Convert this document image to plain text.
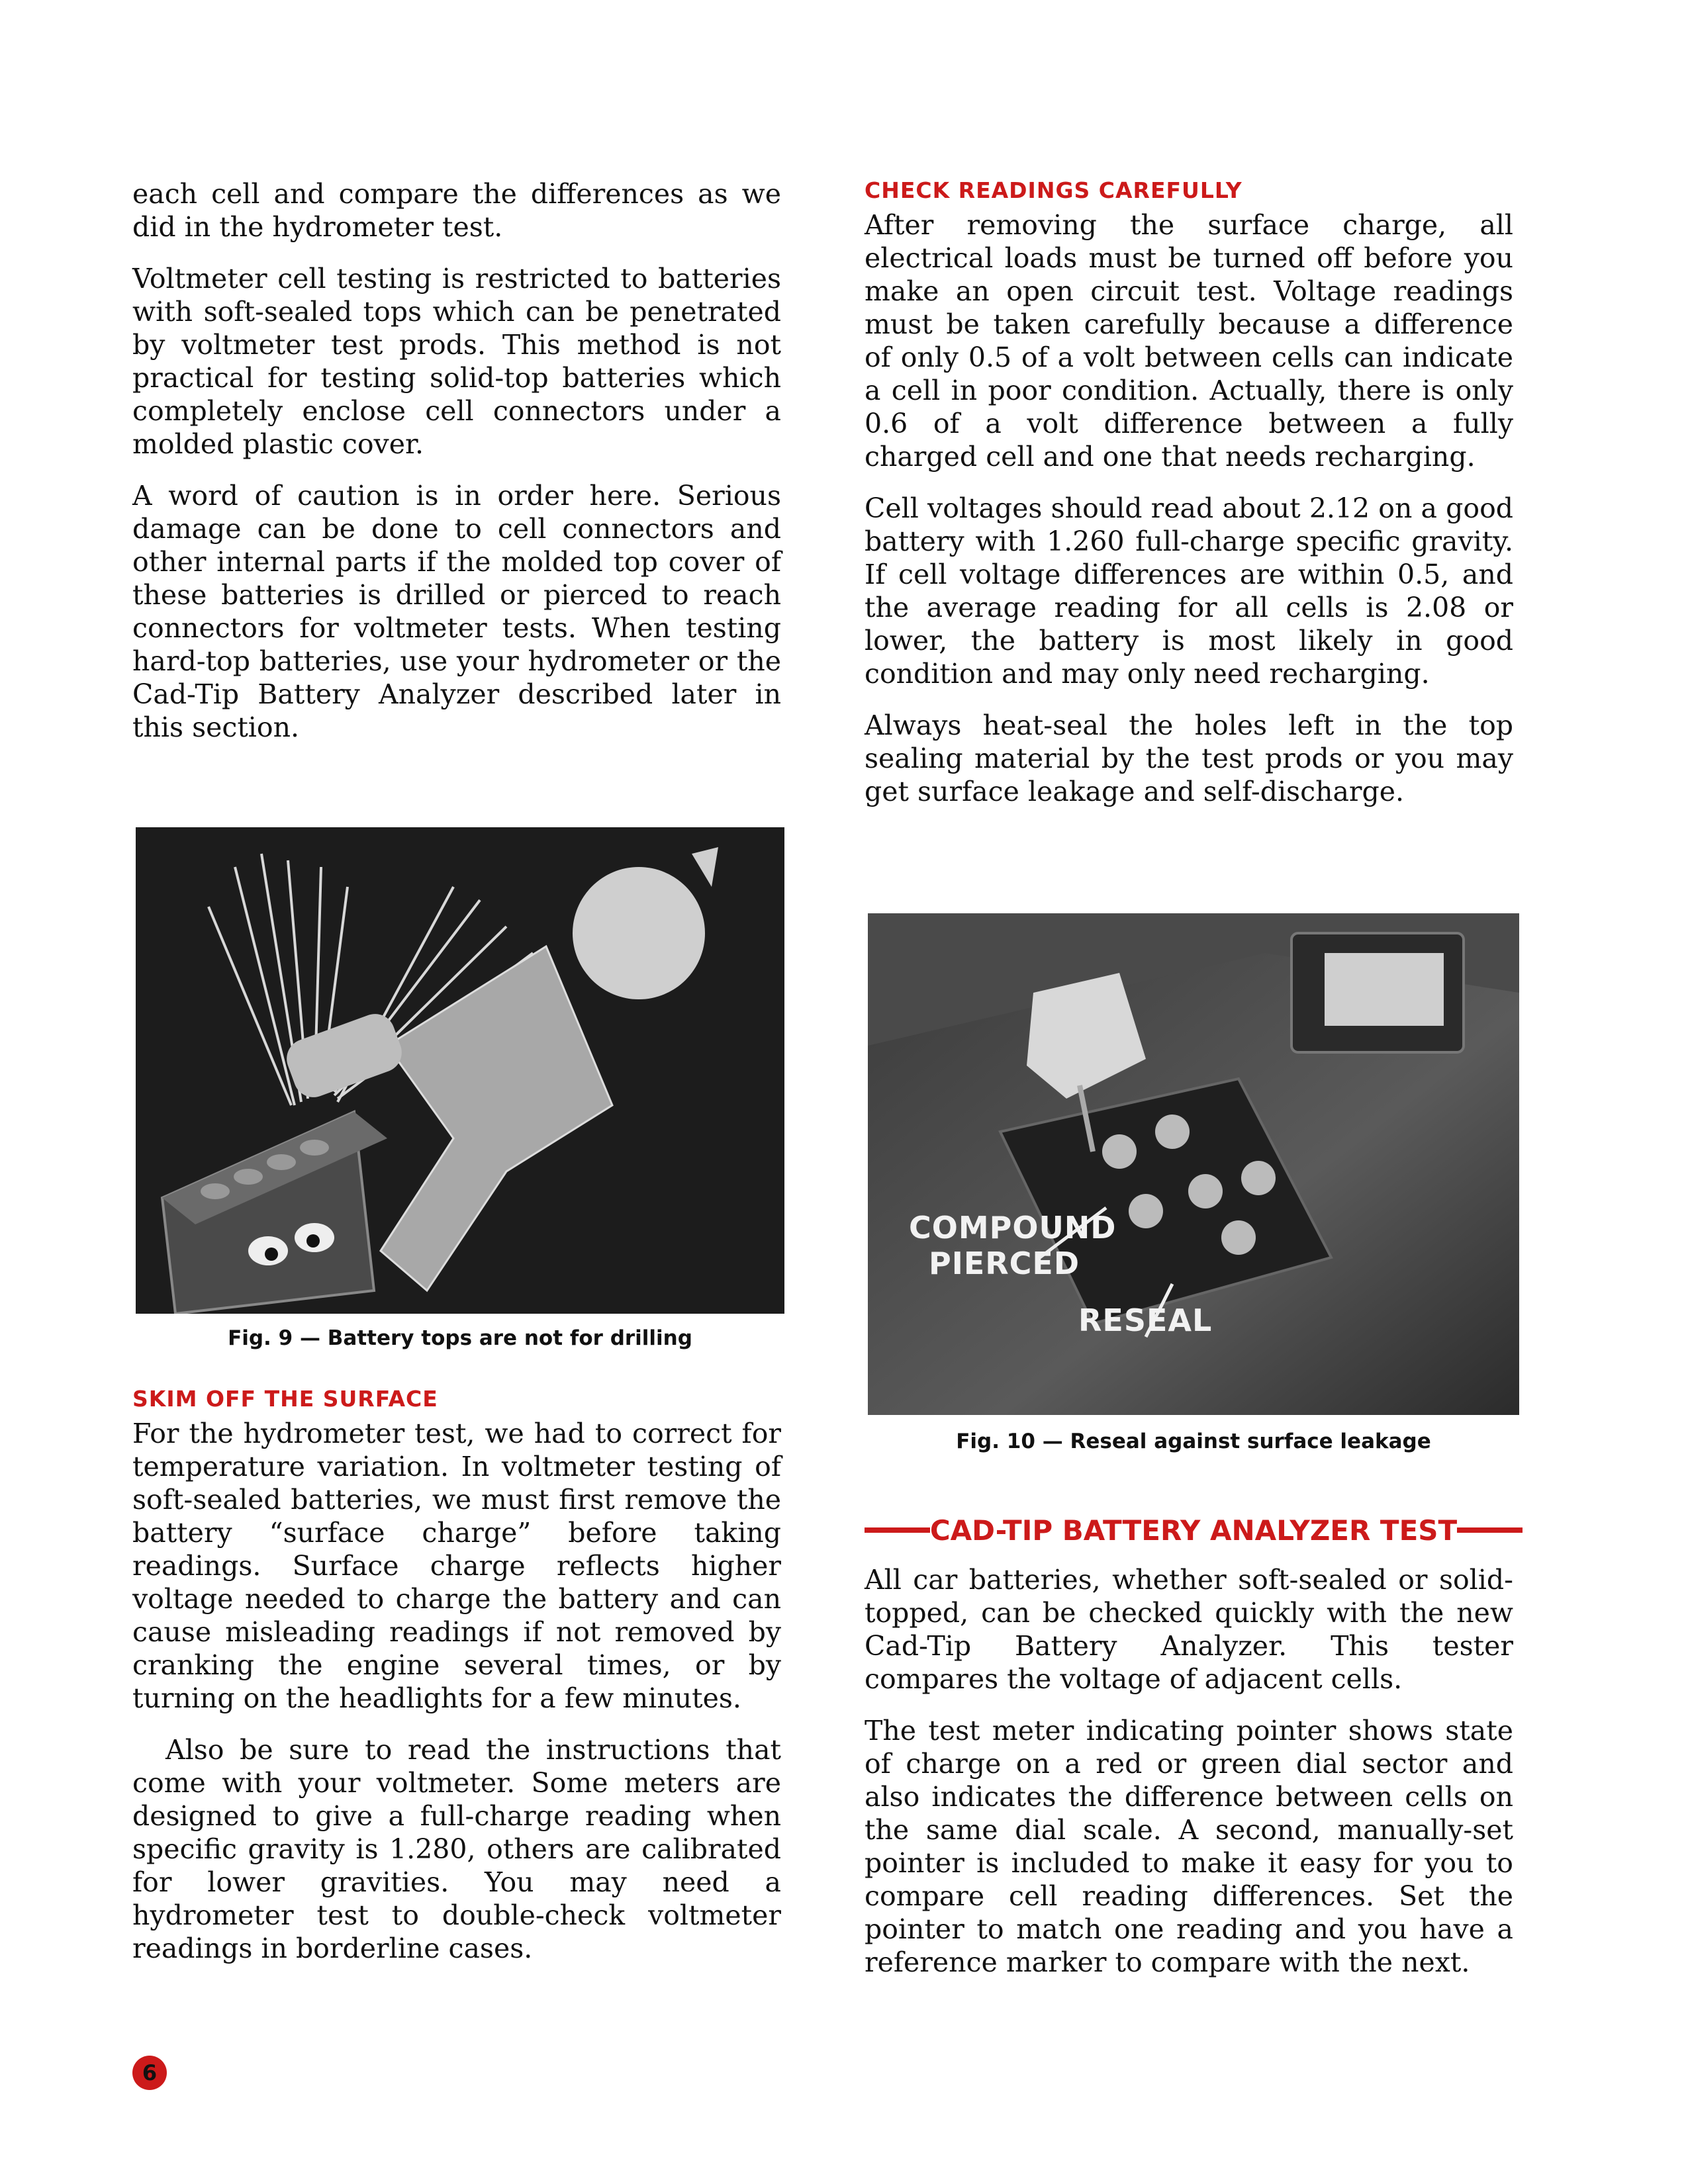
each cell and compare the differences as we did in the hydrometer test.

Voltmeter cell testing is restricted to batteries with soft-sealed tops which can be penetrated by voltmeter test prods. This method is not practical for testing solid-top batteries which completely enclose cell connectors under a molded plastic cover.

A word of caution is in order here. Serious damage can be done to cell connectors and other internal parts if the molded top cover of these batteries is drilled or pierced to reach connectors for voltmeter tests. When testing hard-top batteries, use your hydrometer or the Cad-Tip Battery Analyzer described later in this section.

Fig. 9 — Battery tops are not for drilling
SKIM OFF THE SURFACE

For the hydrometer test, we had to correct for temperature variation. In voltmeter testing of soft-sealed batteries, we must first remove the battery “surface charge” before taking readings. Surface charge reflects higher voltage needed to charge the battery and can cause misleading readings if not removed by cranking the engine several times, or by turning on the headlights for a few minutes.

Also be sure to read the instructions that come with your voltmeter. Some meters are designed to give a full-charge reading when specific gravity is 1.280, others are calibrated for lower gravities. You may need a hydrometer test to double-check voltmeter readings in borderline cases.

CHECK READINGS CAREFULLY

After removing the surface charge, all electrical loads must be turned off before you make an open circuit test. Voltage readings must be taken carefully because a difference of only 0.5 of a volt between cells can indicate a cell in poor condition. Actually, there is only 0.6 of a volt difference between a fully charged cell and one that needs recharging.

Cell voltages should read about 2.12 on a good battery with 1.260 full-charge specific gravity. If cell voltage differences are within 0.5, and the average reading for all cells is 2.08 or lower, the battery is most likely in good condition and may only need recharging.

Always heat-seal the holes left in the top sealing material by the test prods or you may get surface leakage and self-discharge.

COMPOUND
PIERCED
RESEAL
Fig. 10 — Reseal against surface leakage
CAD-TIP BATTERY ANALYZER TEST

All car batteries, whether soft-sealed or solid-topped, can be checked quickly with the new Cad-Tip Battery Analyzer. This tester compares the voltage of adjacent cells.

The test meter indicating pointer shows state of charge on a red or green dial sector and also indicates the difference between cells on the same dial scale. A second, manually-set pointer is included to make it easy for you to compare cell reading differences. Set the pointer to match one reading and you have a reference marker to compare with the next.

6
